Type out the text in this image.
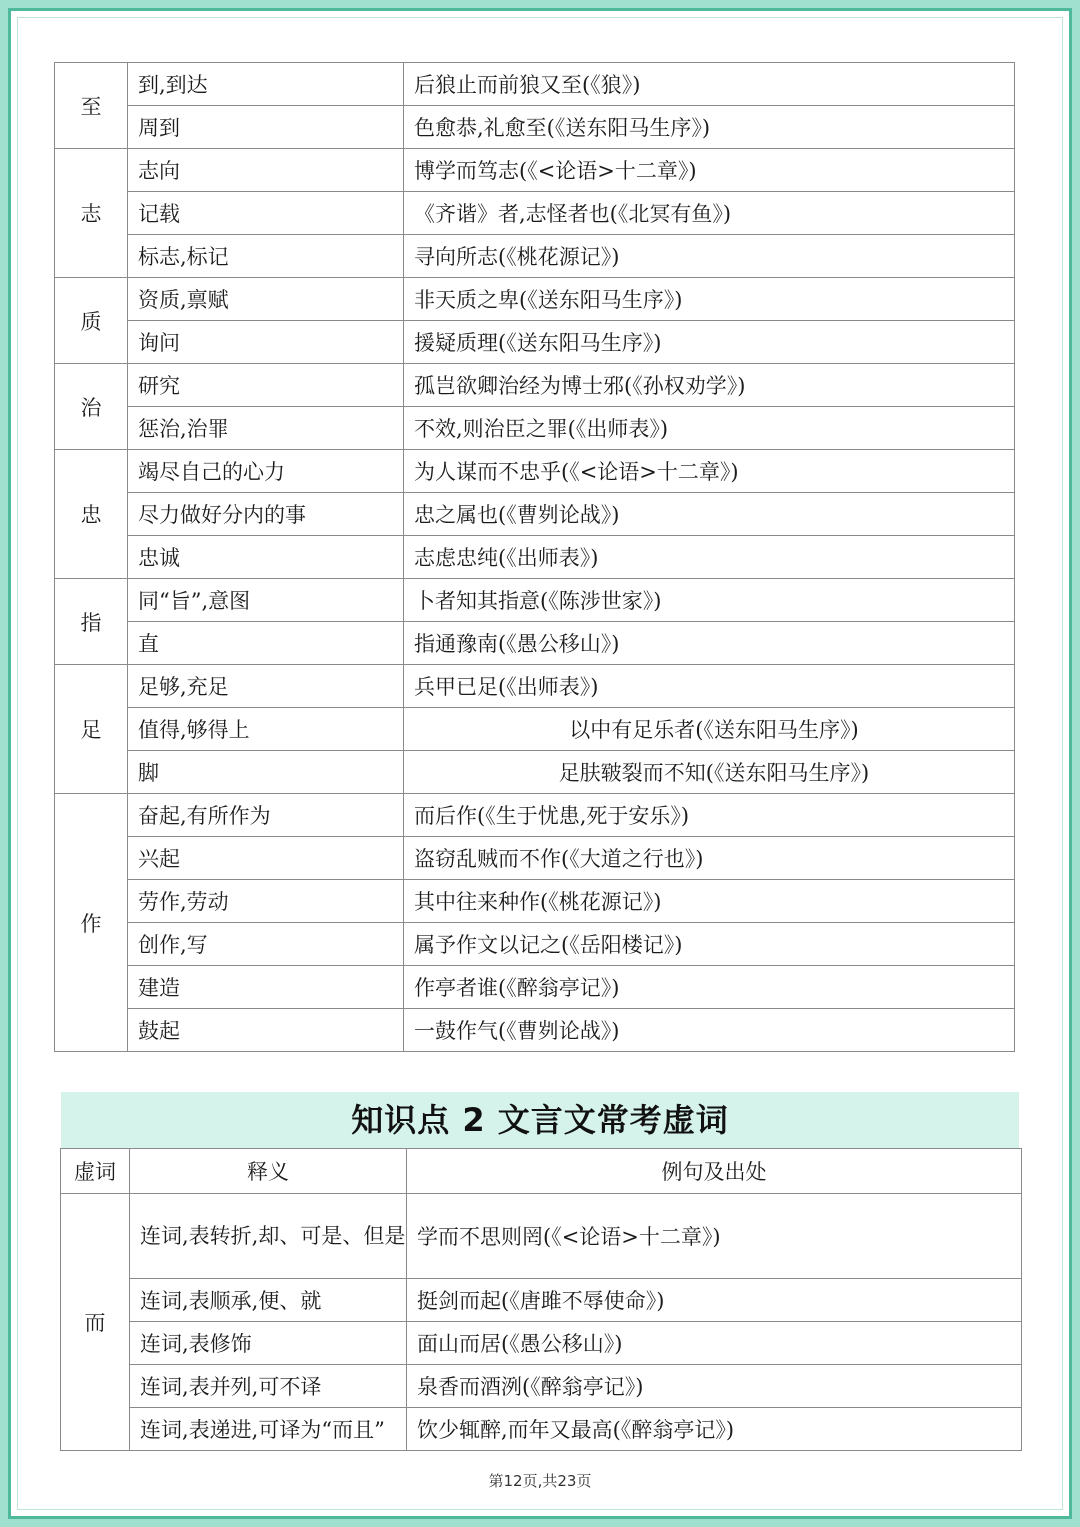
至	到,到达	后狼止而前狼又至(《狼》)
	周到	色愈恭,礼愈至(《送东阳马生序》)
志	志向	博学而笃志(《<论语>十二章》)
	记载	《齐谐》者,志怪者也(《北冥有鱼》)
	标志,标记	寻向所志(《桃花源记》)
质	资质,禀赋	非天质之卑(《送东阳马生序》)
	询问	援疑质理(《送东阳马生序》)
治	研究	孤岂欲卿治经为博士邪(《孙权劝学》)
	惩治,治罪	不效,则治臣之罪(《出师表》)
忠	竭尽自己的心力	为人谋而不忠乎(《<论语>十二章》)
	尽力做好分内的事	忠之属也(《曹刿论战》)
	忠诚	志虑忠纯(《出师表》)
指	同“旨”,意图	卜者知其指意(《陈涉世家》)
	直	指通豫南(《愚公移山》)
足	足够,充足	兵甲已足(《出师表》)
	值得,够得上	以中有足乐者(《送东阳马生序》)
	脚	足肤皲裂而不知(《送东阳马生序》)
作	奋起,有所作为	而后作(《生于忧患,死于安乐》)
	兴起	盗窃乱贼而不作(《大道之行也》)
	劳作,劳动	其中往来种作(《桃花源记》)
	创作,写	属予作文以记之(《岳阳楼记》)
	建造	作亭者谁(《醉翁亭记》)
	鼓起	一鼓作气(《曹刿论战》)
知识点 2 文言文常考虚词
虚词	释义	例句及出处
而	连词,表转折,却、可是、但是	学而不思则罔(《<论语>十二章》)
	连词,表顺承,便、就	挺剑而起(《唐雎不辱使命》)
	连词,表修饰	面山而居(《愚公移山》)
	连词,表并列,可不译	泉香而酒洌(《醉翁亭记》)
	连词,表递进,可译为“而且”	饮少辄醉,而年又最高(《醉翁亭记》)
第12页,共23页
